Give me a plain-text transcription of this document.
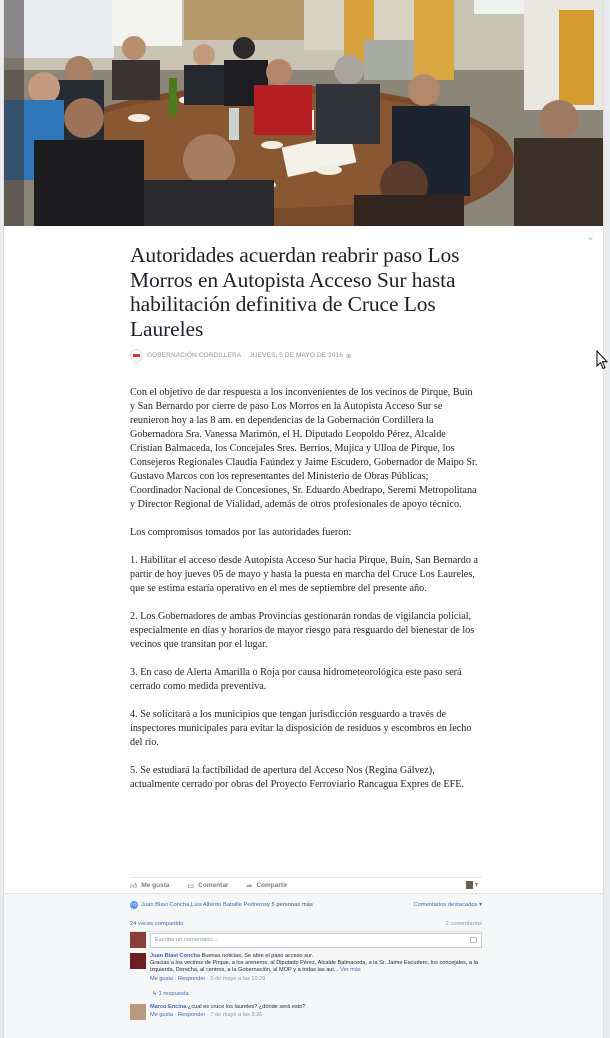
⌄
Autoridades acuerdan reabrir paso Los Morros en Autopista Acceso Sur hasta habilitación definitiva de Cruce Los Laureles
GOBERNACIÓN CORDILLERA · JUEVES, 5 DE MAYO DE 2016 ⊕

Con el objetivo de dar respuesta a los inconvenientes de los vecinos de Pirque, Buin y San Bernardo por cierre de paso Los Morros en la Autopista Acceso Sur se reunieron hoy a las 8 am. en dependencias de la Gobernación Cordillera la Gobernadora Sra. Vanessa Marimón, el H. Diputado Leopoldo Pérez, Alcalde Cristian Balmaceda, los Concejales Sres. Berrios, Mujica y Ulloa de Pirque, los Consejeros Regionales Claudia Faúndez y Jaime Escudero, Gobernador de Maipo Sr. Gustavo Marcos con los representantes del Ministerio de Obras Públicas; Coordinador Nacional de Concesiones, Sr. Eduardo Abedrapo, Seremi Metropolitana y Director Regional de Vialidad, además de otros profesionales de apoyo técnico.

Los compromisos tomados por las autoridades fueron:

1. Habilitar el acceso desde Autopista Acceso Sur hacia Pirque, Buin, San Bernardo a partir de hoy jueves 05 de mayo y hasta la puesta en marcha del Cruce Los Laureles, que se estima estaría operativo en el mes de septiembre del presente año.

2. Los Gobernadores de ambas Provincias gestionarán rondas de vigilancia policial, especialmente en días y horarios de mayor riesgo para resguardo del bienestar de los vecinos que transitan por el lugar.

3. En caso de Alerta Amarilla o Roja por causa hidrometeorológica este paso será cerrado como medida preventiva.

4. Se solicitará a los municipios que tengan jurisdicción resguardo a través de inspectores municipales para evitar la disposición de residuos y escombros en lecho del río.

5. Se estudiará la factibilidad de apertura del Acceso Nos (Regina Gálvez), actualmente cerrado por obras del Proyecto Ferroviario Rancagua Expres de EFE.

👍︎ Me gusta	▭ Comentar	➦ Compartir	▼
👍︎ Juan Blavi Concha , Luis Alberto Bataille Pedreros y 5 personas más	Comentarios destacados ▾
24 veces compartido	2 comentarios
Escribe un comentario...
Juan Blavi Concha Buenas noticias, Se abre el paso acceso sur.
Gracias a los vecinos de Pirque, a los areneros, al Diputado Pérez, Alcalde Balmaceda, a la Sr. Jaime Escudero, los concejales, a la izquierda, Derecha, al centros, a la Gobernación, al MOP y a todas las aut... Ver más
Me gusta · Responder · 5 de mayo a las 10:29
↳ 1 respuesta
Marco Encina ¿cual es cruce los laureles? ¿dónde será esto?
Me gusta · Responder · 7 de mayo a las 3:26
